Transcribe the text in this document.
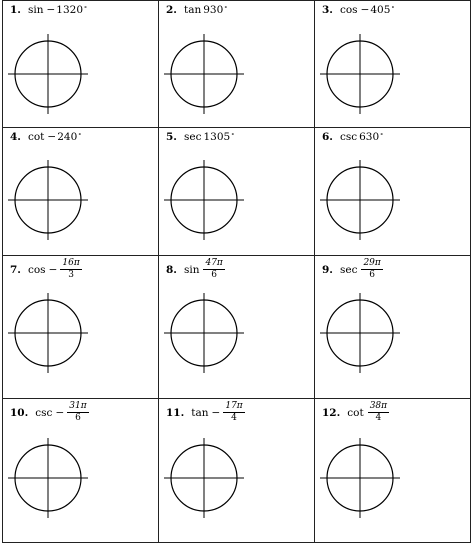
1. sin − 1320 °	2. tan 930 °	3. cos − 405 °

4. cot − 240 °	5. sec 1305 °	6. csc 630 °

7. $\cos - \frac{16\pi}{3}$	8. $\sin \frac{47\pi}{6}$	9. $\sec \frac{29\pi}{6}$

10. $\csc - \frac{31\pi}{6}$	11. $\tan - \frac{17\pi}{4}$	12. $\cot \frac{38\pi}{4}$
